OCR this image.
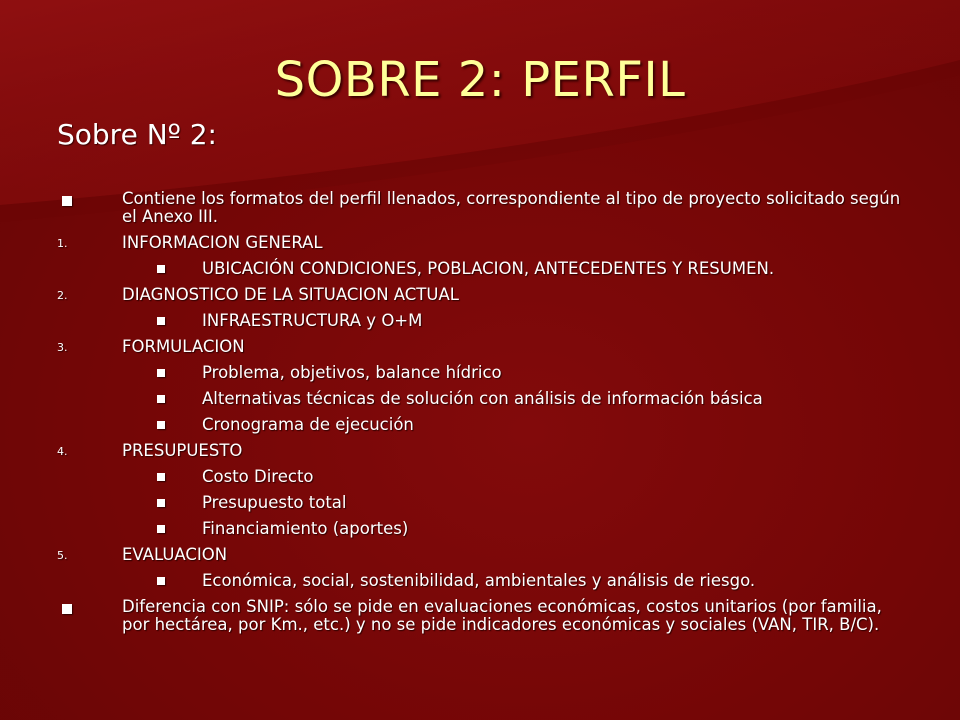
SOBRE 2: PERFIL
Sobre Nº 2:
Contiene los formatos del perfil llenados, correspondiente al tipo de proyecto solicitado según el Anexo III.
1.	INFORMACION GENERAL
UBICACIÓN CONDICIONES, POBLACION, ANTECEDENTES Y RESUMEN.
2.	DIAGNOSTICO DE LA SITUACION ACTUAL
INFRAESTRUCTURA y O+M
3.	FORMULACION
Problema, objetivos, balance hídrico
Alternativas técnicas de solución con análisis de información básica
Cronograma de ejecución
4.	PRESUPUESTO
Costo Directo
Presupuesto total
Financiamiento (aportes)
5.	EVALUACION
Económica, social, sostenibilidad, ambientales y análisis de riesgo.
Diferencia con SNIP: sólo se pide en evaluaciones económicas, costos unitarios (por familia, por hectárea, por Km., etc.) y no se pide indicadores económicas y sociales (VAN, TIR, B/C).
